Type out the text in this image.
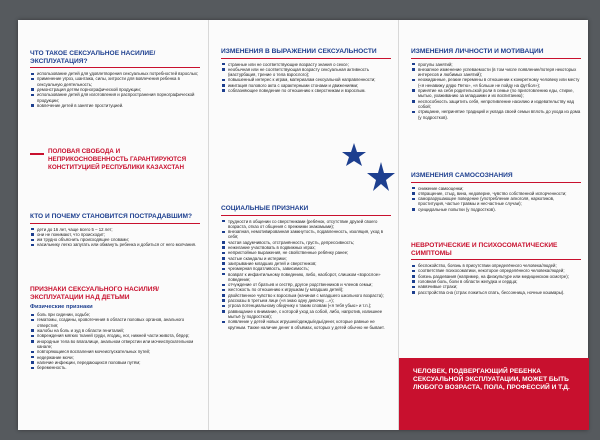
ЧТО ТАКОЕ СЕКСУАЛЬНОЕ НАСИЛИЕ/ЭКСПЛУАТАЦИЯ?
использование детей для удовлетворения сексуальных потребностей взрослых;
применение угроз, шантажа, силы, хитрости для вовлечения ребенка в сексуальную деятельность;
демонстрация детям порнографической продукции;
использование детей для изготовления и распространения порнографической продукции;
вовлечение детей в занятие проституцией.
ПОЛОВАЯ СВОБОДА И НЕПРИКОСНОВЕННОСТЬ ГАРАНТИРУЮТСЯ КОНСТИТУЦИЕЙ РЕСПУБЛИКИ КАЗАХСТАН
КТО И ПОЧЕМУ СТАНОВИТСЯ ПОСТРАДАВШИМ?
дети до 16 лет, чаще всего 5 – 12 лет;
они не понимают, что происходит;
им трудно объяснить происходящее словами;
насильнику легко запугать или обмануть ребенка и добиться от него молчания.
ПРИЗНАКИ СЕКСУАЛЬНОГО НАСИЛИЯ/ЭКСПЛУАТАЦИИ НАД ДЕТЬМИ
Физические признаки
боль при сидении, ходьбе;
гематомы, ссадины, кровотечения в области половых органов, анального отверстия;
жалобы на боль и зуд в области гениталий;
повреждения мягких тканей груди, ягодиц, ног, нижней части живота, бёдер;
инородные тела во влагалище, анальном отверстии или мочеиспускательном канале;
повторяющиеся воспаления мочеиспускательных путей;
недержание мочи;
наличие инфекции, передающихся половым путём;
беременность.
ИЗМЕНЕНИЯ В ВЫРАЖЕНИИ СЕКСУАЛЬНОСТИ
странные или не соответствующие возрасту знания о сексе;
необычная или не соответствующая возрасту сексуальная активность (мастурбация, трение о тела взрослого);
повышенный интерес к играм, материалам сексуальной направленности;
имитация полового акта с характерными стонами и движениями;
соблазняющее поведение по отношению к сверстникам и взрослым.
СОЦИАЛЬНЫЕ ПРИЗНАКИ
трудности в общении со сверстниками (ребёнок, отсутствие друзей своего возраста, отказ от общения с прежними знакомыми);
внезапная, немотивированная замкнутость, подавленность, изоляция, уход в себя;
частая задумчивость, отстранённость, грусть, депрессивность;
нежелание участвовать в подвижных играх;
непристойные выражения, не свойственные ребёнку ранее;
частые скандалы и истерики;
заигрывание младших детей и сверстников;
чрезмерная податливость, зависимость;
возврат к инфантильному поведению, либо, наоборот, слишком «взрослое» поведение;
отчуждение от братьев и сестёр, другое родственников и членов семьи;
жестокость по отношению к игрушкам (у младших детей);
двойственное чувство к взрослым (начиная с младшего школьного возраста);
рассказы в третьем лице («я знаю одну девочку ...»);
угроза потенциальному обидчику к таким словам («я тебя убью» и т.п.);
раввищание к внимание, с которой уход за собой, либо, напротив, излишнее мытьё (у подростков);
появление у детей новых игрушек/одежды/еды/денег, которые равные не крупным. Также наличие денег в объёмах, которых у детей обычно не бывает.
ИЗМЕНЕНИЯ ЛИЧНОСТИ И МОТИВАЦИИ
прогулы занятий;
внезапное изменение успеваемости (в том числе появление/потеря некоторых интересов и любимых занятий);
неожиданные, резкие перемены в отношении к конкретному человеку или месту («я ненавижу дядю Петю», «я больше не пойду на футбол»);
принятие на себя родительской роли в семье (по приготовлению еды, стирке, мытью, ухаживанию за младшими и их воспитанию);
неспособность защитить себя, непротивление насилию и издевательству над собой;
отрицание, непринятие традиций и уклада своей семьи вплоть до ухода из дома (у подростков).
ИЗМЕНЕНИЯ САМОСОЗНАНИЯ
снижение самооценки;
отвращение, стыд, вина, недоверие, чувство собственной испорченности;
саморазрушающее поведение (употребление алкоголя, наркотиков, проституция, частые травмы и несчастные случаи);
суицидальные попытки (у подростков).
НЕВРОТИЧЕСКИЕ И ПСИХОСОМАТИЧЕСКИЕ СИМПТОМЫ
беспокойство, боязнь в присутствии определённого человека/людей;
соответствие психосоматики, некоторое определённого человека/людей;
боязнь раздевания (например, на физкультуре или медицинском осмотре);
головная боль, боли в области желудка и сердца;
навязчивые страхи;
расстройства сна (страх ложиться спать, бессонница, ночные кошмары).
ЧЕЛОВЕК, ПОДВЕРГАЮЩИЙ РЕБЕНКА СЕКСУАЛЬНОЙ ЭКСПЛУАТАЦИИ, МОЖЕТ БЫТЬ ЛЮБОГО ВОЗРАСТА, ПОЛА, ПРОФЕССИЙ И Т.Д.
